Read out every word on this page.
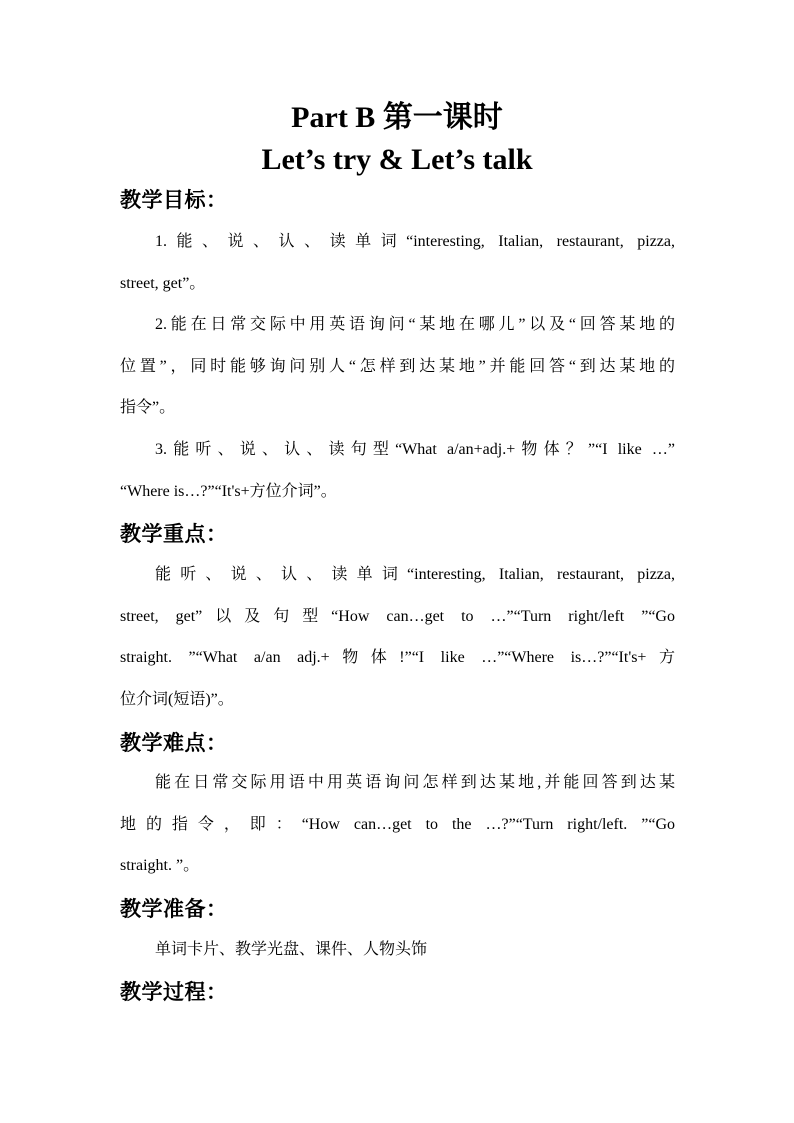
Part B 第一课时
Let’s try & Let’s talk
教学目标：
1.能、说、认、读单词“interesting, Italian, restaurant, pizza,
street, get”。
2.能在日常交际中用英语询问“某地在哪儿”以及“回答某地的
位置”，同时能够询问别人“怎样到达某地”并能回答“到达某地的
指令”。
3.能听、说、认、读句型“What a/an+adj.+物体？”“I like …”
“Where is…?”“It's+方位介词”。
教学重点：
能听、说、认、读单词“interesting, Italian, restaurant, pizza,
street, get”以及句型“How can…get to …”“Turn right/left ”“Go
straight. ”“What a/an adj.+物体!”“I like …”“Where is…?”“It's+方
位介词(短语)”。
教学难点：
能在日常交际用语中用英语询问怎样到达某地,并能回答到达某
地的指令，即：“How can…get to the …?”“Turn right/left. ”“Go
straight. ”。
教学准备：
单词卡片、教学光盘、课件、人物头饰
教学过程：
